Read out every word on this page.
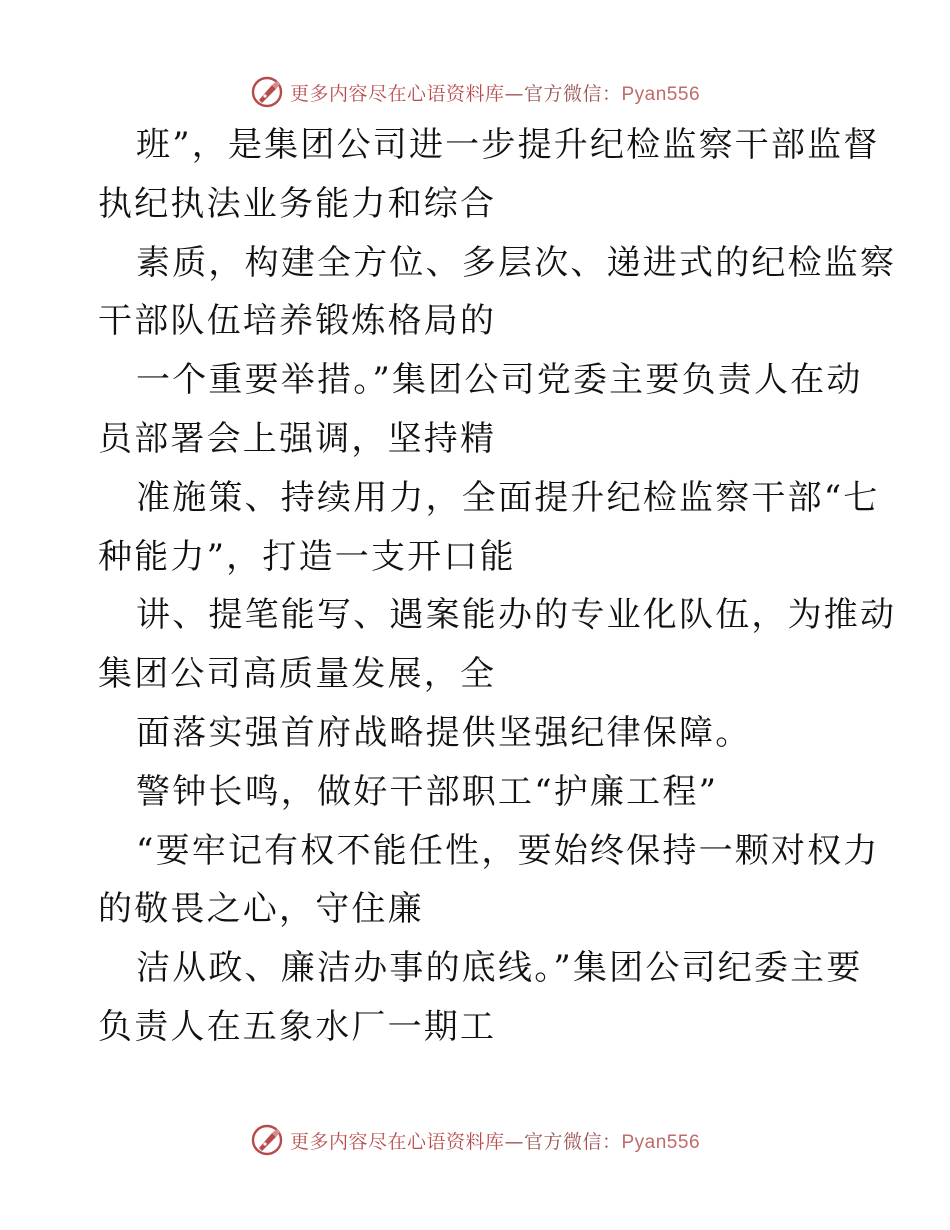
更多内容尽在心语资料库—官方微信：Pyan556
班”，是集团公司进一步提升纪检监察干部监督
执纪执法业务能力和综合
素质，构建全方位、多层次、递进式的纪检监察
干部队伍培养锻炼格局的
一个重要举措。”集团公司党委主要负责人在动
员部署会上强调，坚持精
准施策、持续用力，全面提升纪检监察干部“七
种能力”，打造一支开口能
讲、提笔能写、遇案能办的专业化队伍，为推动
集团公司高质量发展，全
面落实强首府战略提供坚强纪律保障。
警钟长鸣，做好干部职工“护廉工程”
“要牢记有权不能任性，要始终保持一颗对权力
的敬畏之心，守住廉
洁从政、廉洁办事的底线。”集团公司纪委主要
负责人在五象水厂一期工
更多内容尽在心语资料库—官方微信：Pyan556
